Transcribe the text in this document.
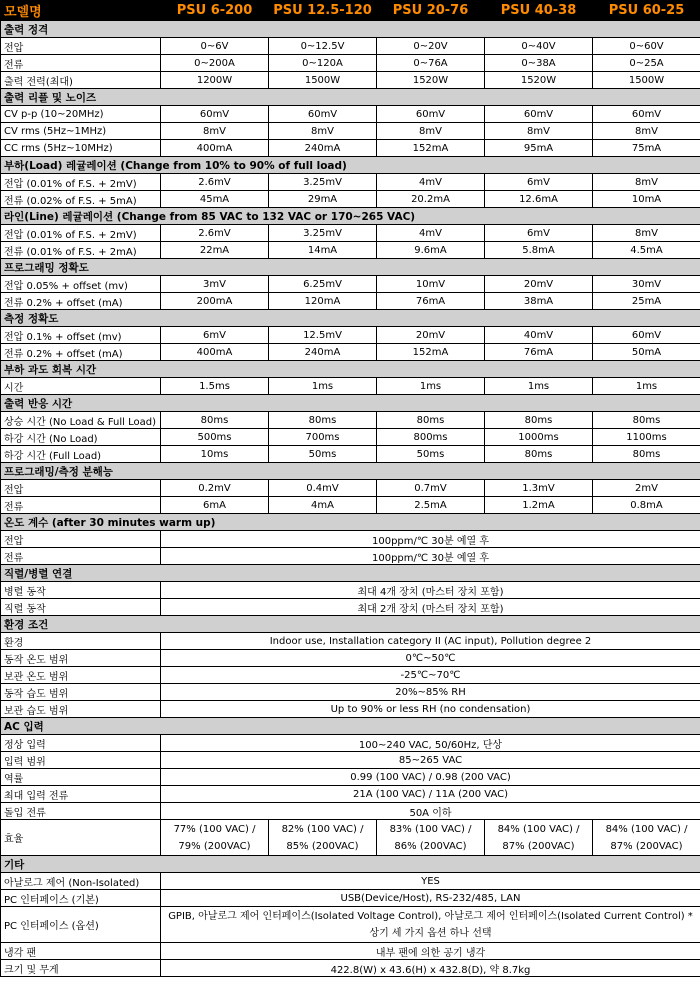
모델명	PSU 6-200	PSU 12.5-120	PSU 20-76	PSU 40-38	PSU 60-25
출력 정격					
전압	0~6V	0~12.5V	0~20V	0~40V	0~60V
전류	0~200A	0~120A	0~76A	0~38A	0~25A
출력 전력(최대)	1200W	1500W	1520W	1520W	1500W
출력 리플 및 노이즈					
CV p-p (10~20MHz)	60mV	60mV	60mV	60mV	60mV
CV rms (5Hz~1MHz)	8mV	8mV	8mV	8mV	8mV
CC rms (5Hz~10MHz)	400mA	240mA	152mA	95mA	75mA
부하(Load) 레귤레이션 (Change from 10% to 90% of full load)					
전압 (0.01% of F.S. + 2mV)	2.6mV	3.25mV	4mV	6mV	8mV
전류 (0.02% of F.S. + 5mA)	45mA	29mA	20.2mA	12.6mA	10mA
라인(Line) 레귤레이션 (Change from 85 VAC to 132 VAC or 170~265 VAC)					
전압 (0.01% of F.S. + 2mV)	2.6mV	3.25mV	4mV	6mV	8mV
전류 (0.01% of F.S. + 2mA)	22mA	14mA	9.6mA	5.8mA	4.5mA
프로그래밍 정확도					
전압 0.05% + offset (mv)	3mV	6.25mV	10mV	20mV	30mV
전류 0.2% + offset (mA)	200mA	120mA	76mA	38mA	25mA
측정 정확도					
전압 0.1% + offset (mv)	6mV	12.5mV	20mV	40mV	60mV
전류 0.2% + offset (mA)	400mA	240mA	152mA	76mA	50mA
부하 과도 회복 시간					
시간	1.5ms	1ms	1ms	1ms	1ms
출력 반응 시간					
상승 시간 (No Load & Full Load)	80ms	80ms	80ms	80ms	80ms
하강 시간 (No Load)	500ms	700ms	800ms	1000ms	1100ms
하강 시간 (Full Load)	10ms	50ms	50ms	80ms	80ms
프로그래밍/측정 분해능					
전압	0.2mV	0.4mV	0.7mV	1.3mV	2mV
전류	6mA	4mA	2.5mA	1.2mA	0.8mA
온도 계수 (after 30 minutes warm up)					
전압	100ppm/℃ 30분 예열 후				
전류	100ppm/℃ 30분 예열 후				
직렬/병렬 연결					
병렬 동작	최대 4개 장치 (마스터 장치 포함)				
직렬 동작	최대 2개 장치 (마스터 장치 포함)				
환경 조건					
환경	Indoor use, Installation category II (AC input), Pollution degree 2				
동작 온도 범위	0℃~50℃				
보관 온도 범위	-25℃~70℃				
동작 습도 범위	20%~85% RH				
보관 습도 범위	Up to 90% or less RH (no condensation)				
AC 입력					
정상 입력	100~240 VAC, 50/60Hz, 단상				
입력 범위	85~265 VAC				
역률	0.99 (100 VAC) / 0.98 (200 VAC)				
최대 입력 전류	21A (100 VAC) / 11A (200 VAC)				
돌입 전류	50A 이하				
효율	77% (100 VAC) / 79% (200VAC)	82% (100 VAC) / 85% (200VAC)	83% (100 VAC) / 86% (200VAC)	84% (100 VAC) / 87% (200VAC)	84% (100 VAC) / 87% (200VAC)
기타					
아날로그 제어 (Non-Isolated)	YES				
PC 인터페이스 (기본)	USB(Device/Host), RS-232/485, LAN				
PC 인터페이스 (옵션)	GPIB, 아날로그 제어 인터페이스(Isolated Voltage Control), 아날로그 제어 인터페이스(Isolated Current Control) * 상기 세 가지 옵션 하나 선택				
냉각 팬	내부 팬에 의한 공기 냉각				
크기 및 무게	422.8(W) x 43.6(H) x 432.8(D), 약 8.7kg				
